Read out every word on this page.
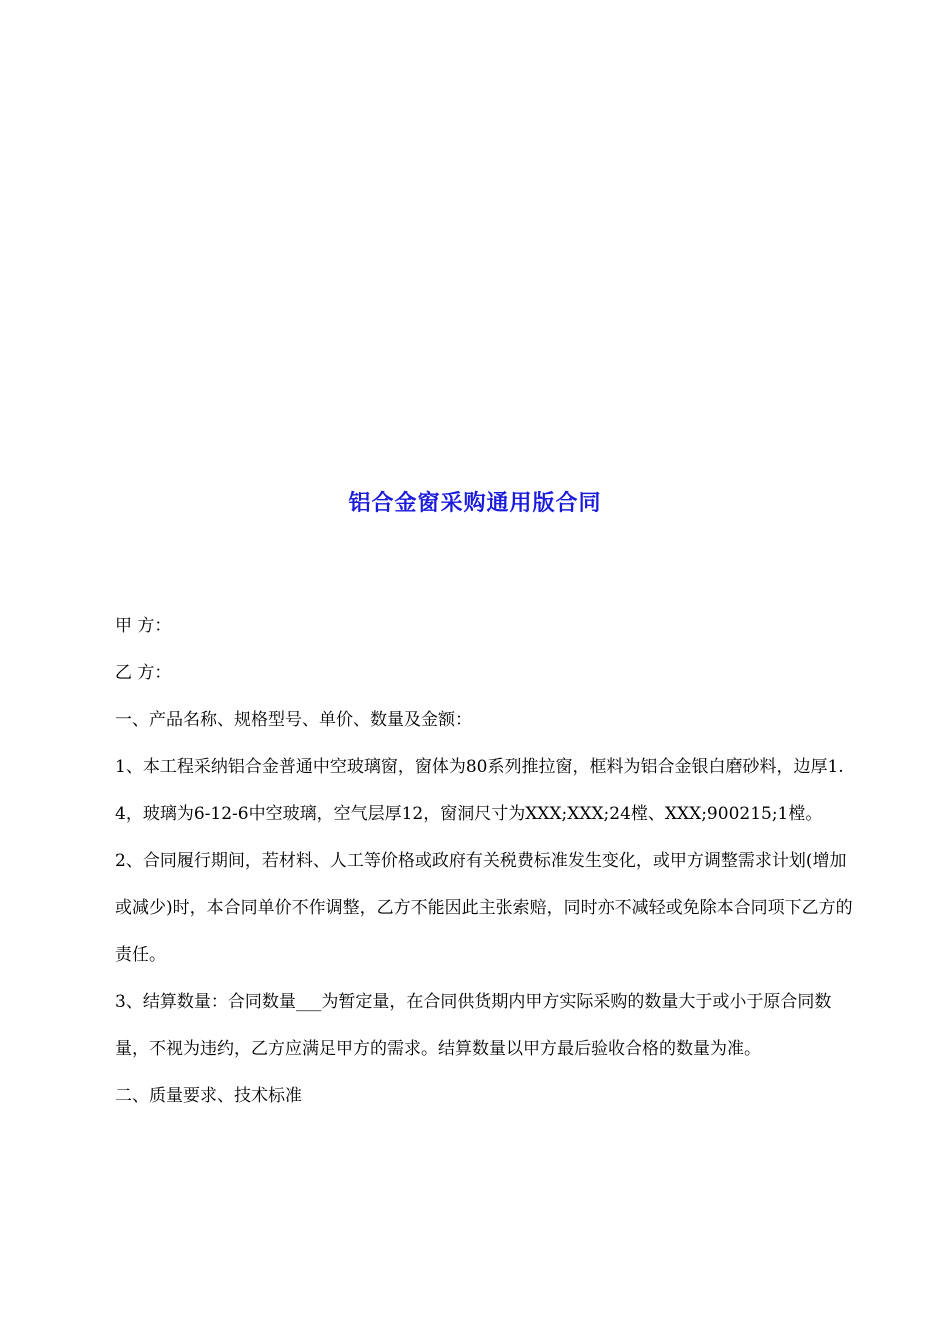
铝合金窗采购通用版合同

甲 方：

乙 方：

一、产品名称、规格型号、单价、数量及金额：

1、本工程采纳铝合金普通中空玻璃窗，窗体为80系列推拉窗，框料为铝合金银白磨砂料，边厚1.4，玻璃为6-12-6中空玻璃，空气层厚12，窗洞尺寸为XXX;XXX;24樘、XXX;900215;1樘。

2、合同履行期间，若材料、人工等价格或政府有关税费标准发生变化，或甲方调整需求计划(增加或减少)时，本合同单价不作调整，乙方不能因此主张索赔，同时亦不减轻或免除本合同项下乙方的责任。

3、结算数量：合同数量___为暂定量，在合同供货期内甲方实际采购的数量大于或小于原合同数量，不视为违约，乙方应满足甲方的需求。结算数量以甲方最后验收合格的数量为准。

二、质量要求、技术标准
